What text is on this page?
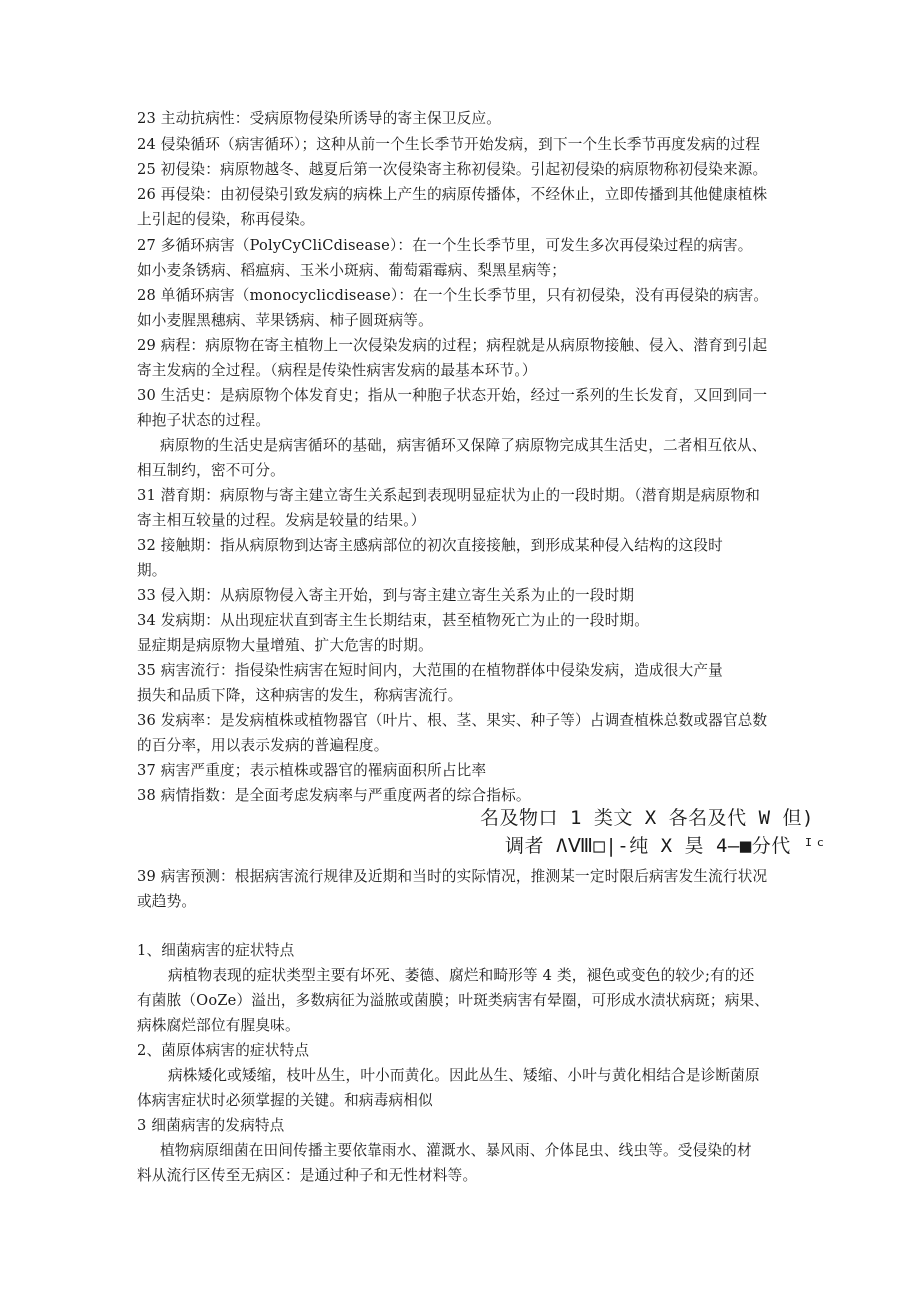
23 主动抗病性：受病原物侵染所诱导的寄主保卫反应。
24 侵染循环（病害循环）；这种从前一个生长季节开始发病，到下一个生长季节再度发病的过程
25 初侵染：病原物越冬、越夏后第一次侵染寄主称初侵染。引起初侵染的病原物称初侵染来源。
26 再侵染：由初侵染引致发病的病株上产生的病原传播体，不经休止，立即传播到其他健康植株
上引起的侵染，称再侵染。
27 多循环病害（PolyCyCliCdisease）：在一个生长季节里，可发生多次再侵染过程的病害。
如小麦条锈病、稻瘟病、玉米小斑病、葡萄霜霉病、梨黑星病等；
28 单循环病害（monocyclicdisease）：在一个生长季节里，只有初侵染，没有再侵染的病害。
如小麦腥黑穗病、苹果锈病、柿子圆斑病等。
29 病程：病原物在寄主植物上一次侵染发病的过程；病程就是从病原物接触、侵入、潜育到引起
寄主发病的全过程。（病程是传染性病害发病的最基本环节。）
30 生活史：是病原物个体发育史；指从一种胞子状态开始，经过一系列的生长发育，又回到同一
种抱子状态的过程。
病原物的生活史是病害循环的基础，病害循环又保障了病原物完成其生活史，二者相互依从、
相互制约，密不可分。
31 潜育期：病原物与寄主建立寄生关系起到表现明显症状为止的一段时期。（潜育期是病原物和
寄主相互较量的过程。发病是较量的结果。）
32 接触期：指从病原物到达寄主感病部位的初次直接接触，到形成某种侵入结构的这段时
期。
33 侵入期：从病原物侵入寄主开始，到与寄主建立寄生关系为止的一段时期
34 发病期：从出现症状直到寄主生长期结束，甚至植物死亡为止的一段时期。
显症期是病原物大量增殖、扩大危害的时期。
35 病害流行：指侵染性病害在短时间内，大范围的在植物群体中侵染发病，造成很大产量
损失和品质下降，这种病害的发生，称病害流行。
36 发病率：是发病植株或植物器官（叶片、根、茎、果实、种子等）占调查植株总数或器官总数
的百分率，用以表示发病的普遍程度。
37 病害严重度；表示植株或器官的罹病面积所占比率
38 病情指数：是全面考虑发病率与严重度两者的综合指标。
名及物口 1 类文 X 各名及代 W 但)
调者 ΛⅧ□|-纯 X 昊 4—■分代 ᴵᶜ
39 病害预测：根据病害流行规律及近期和当时的实际情况，推测某一定时限后病害发生流行状况
或趋势。
1、细菌病害的症状特点
病植物表现的症状类型主要有坏死、萎德、腐烂和畸形等 4 类，褪色或变色的较少;有的还
有菌脓（OoZe）溢出，多数病征为溢脓或菌膜；叶斑类病害有晕圈，可形成水渍状病斑；病果、
病株腐烂部位有腥臭味。
2、菌原体病害的症状特点
病株矮化或矮缩，枝叶丛生，叶小而黄化。因此丛生、矮缩、小叶与黄化相结合是诊断菌原
体病害症状时必须掌握的关键。和病毒病相似
3 细菌病害的发病特点
植物病原细菌在田间传播主要依靠雨水、灌溉水、暴风雨、介体昆虫、线虫等。受侵染的材
料从流行区传至无病区：是通过种子和无性材料等。
